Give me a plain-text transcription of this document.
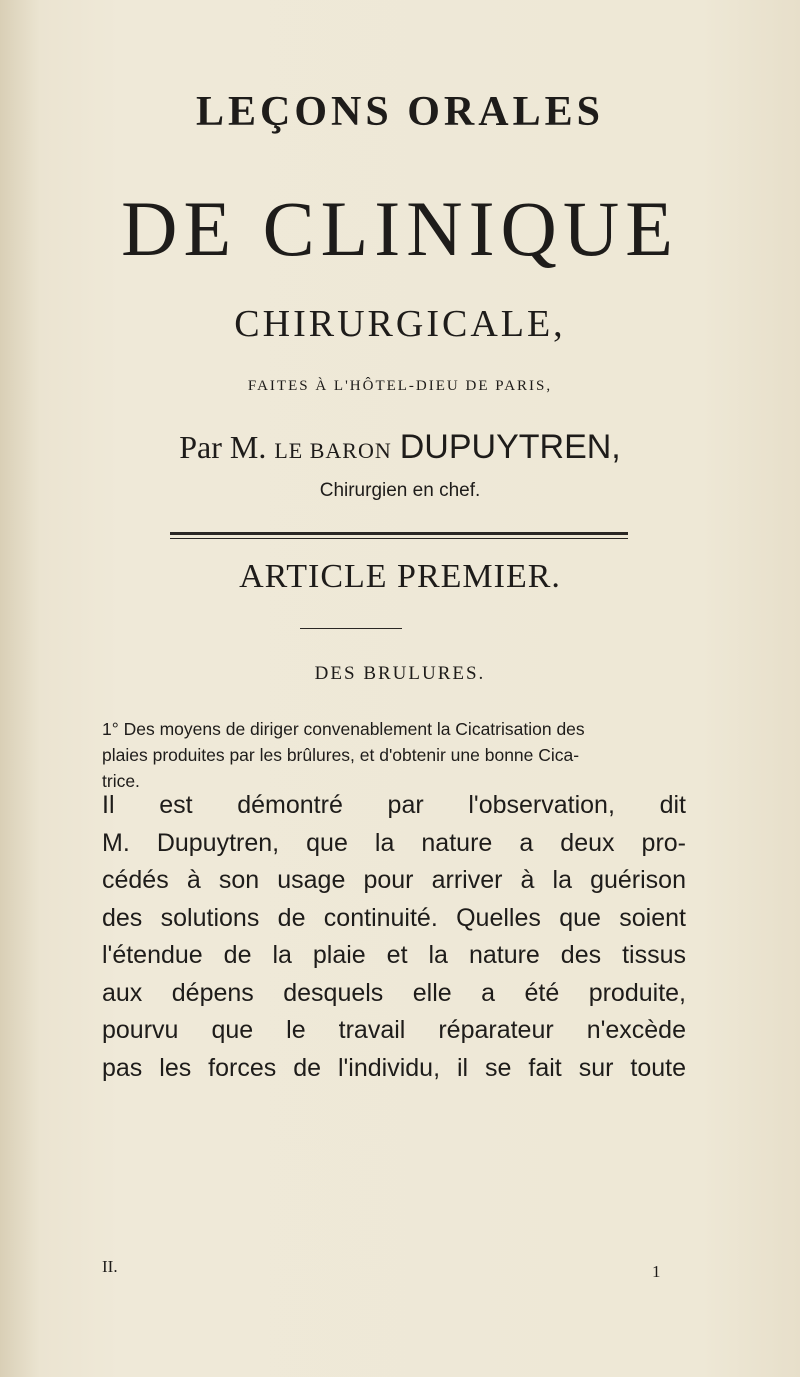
LEÇONS ORALES
DE CLINIQUE
CHIRURGICALE,
FAITES À L'HÔTEL-DIEU DE PARIS,
Par M. LE BARON DUPUYTREN,
Chirurgien en chef.
ARTICLE PREMIER.
DES BRULURES.
1° Des moyens de diriger convenablement la Cicatrisation des
plaies produites par les brûlures, et d'obtenir une bonne Cica-
trice.
Il est démontré par l'observation, dit
M. Dupuytren, que la nature a deux pro-
cédés à son usage pour arriver à la guérison
des solutions de continuité. Quelles que soient
l'étendue de la plaie et la nature des tissus
aux dépens desquels elle a été produite,
pourvu que le travail réparateur n'excède
pas les forces de l'individu, il se fait sur toute
II.	1
